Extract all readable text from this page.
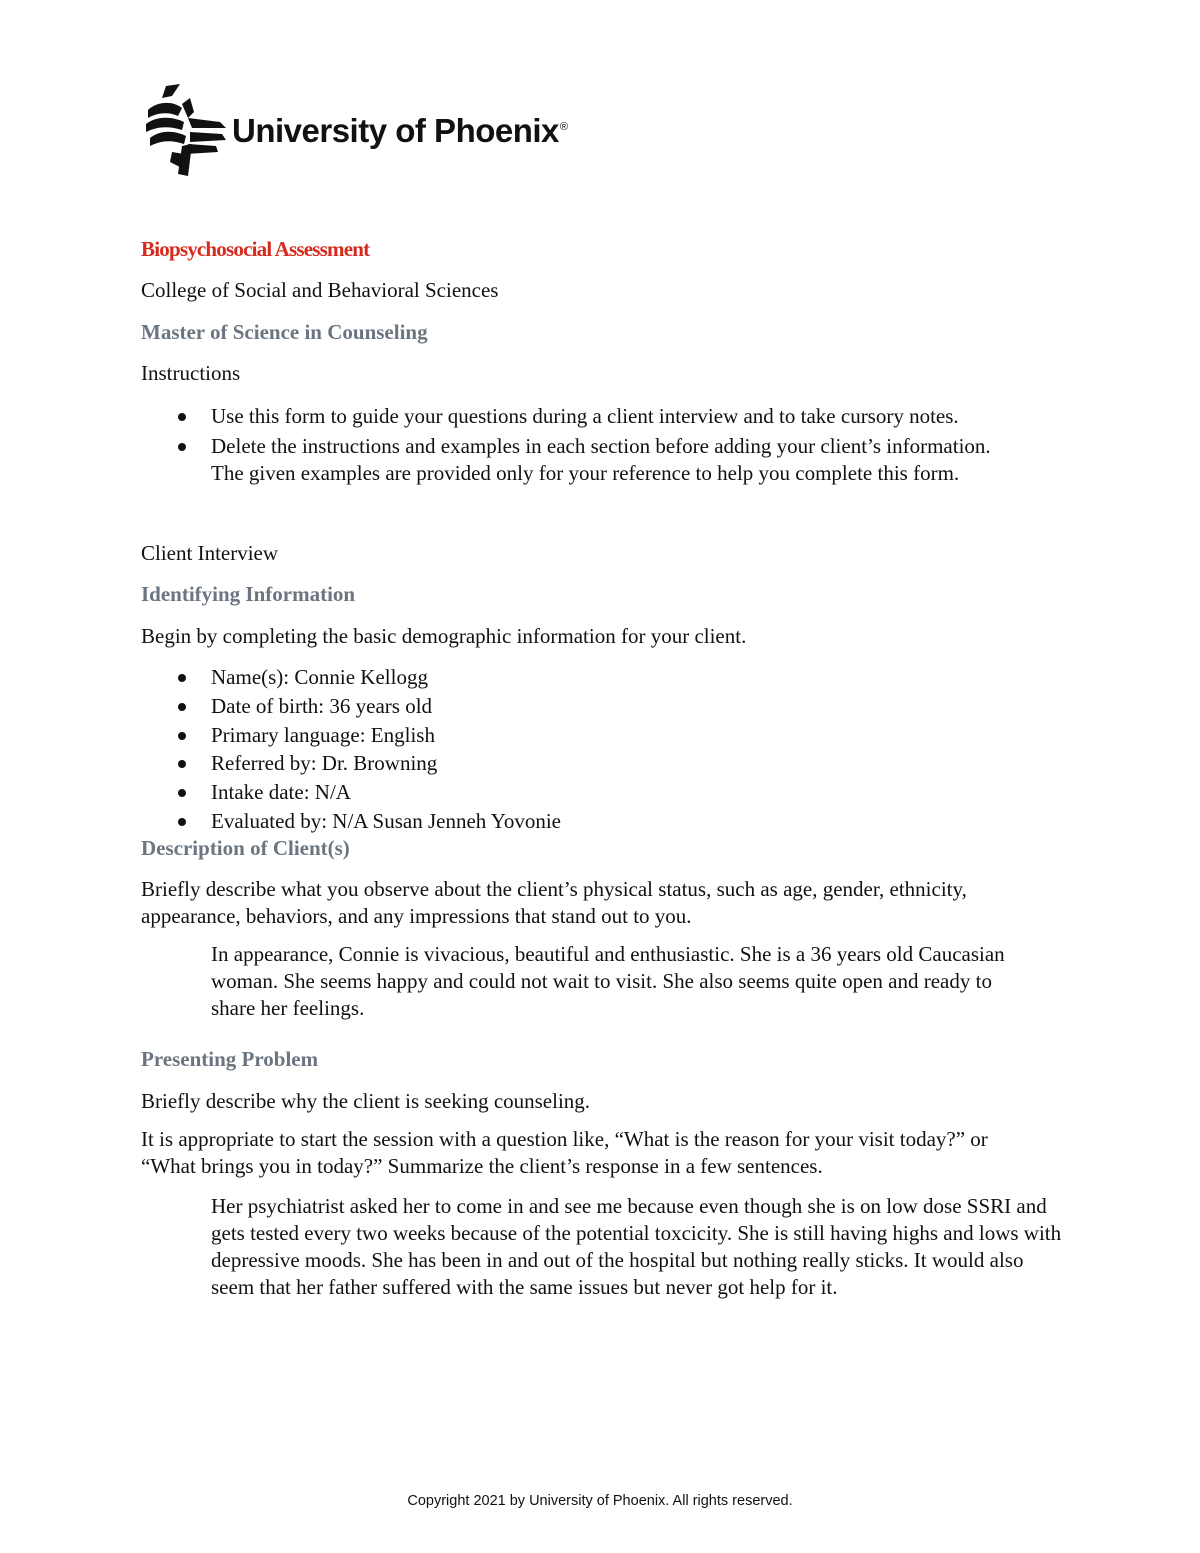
University of Phoenix®
Biopsychosocial Assessment
College of Social and Behavioral Sciences
Master of Science in Counseling
Instructions
Use this form to guide your questions during a client interview and to take cursory notes.
Delete the instructions and examples in each section before adding your client’s information. The given examples are provided only for your reference to help you complete this form.
Client Interview
Identifying Information
Begin by completing the basic demographic information for your client.
Name(s): Connie Kellogg
Date of birth: 36 years old
Primary language: English
Referred by: Dr. Browning
Intake date: N/A
Evaluated by: N/A Susan Jenneh Yovonie
Description of Client(s)
Briefly describe what you observe about the client’s physical status, such as age, gender, ethnicity, appearance, behaviors, and any impressions that stand out to you.
In appearance, Connie is vivacious, beautiful and enthusiastic. She is a 36 years old Caucasian woman. She seems happy and could not wait to visit. She also seems quite open and ready to share her feelings.
Presenting Problem
Briefly describe why the client is seeking counseling.
It is appropriate to start the session with a question like, “What is the reason for your visit today?” or “What brings you in today?” Summarize the client’s response in a few sentences.
Her psychiatrist asked her to come in and see me because even though she is on low dose SSRI and gets tested every two weeks because of the potential toxcicity. She is still having highs and lows with depressive moods. She has been in and out of the hospital but nothing really sticks. It would also seem that her father suffered with the same issues but never got help for it.
Copyright 2021 by University of Phoenix. All rights reserved.
